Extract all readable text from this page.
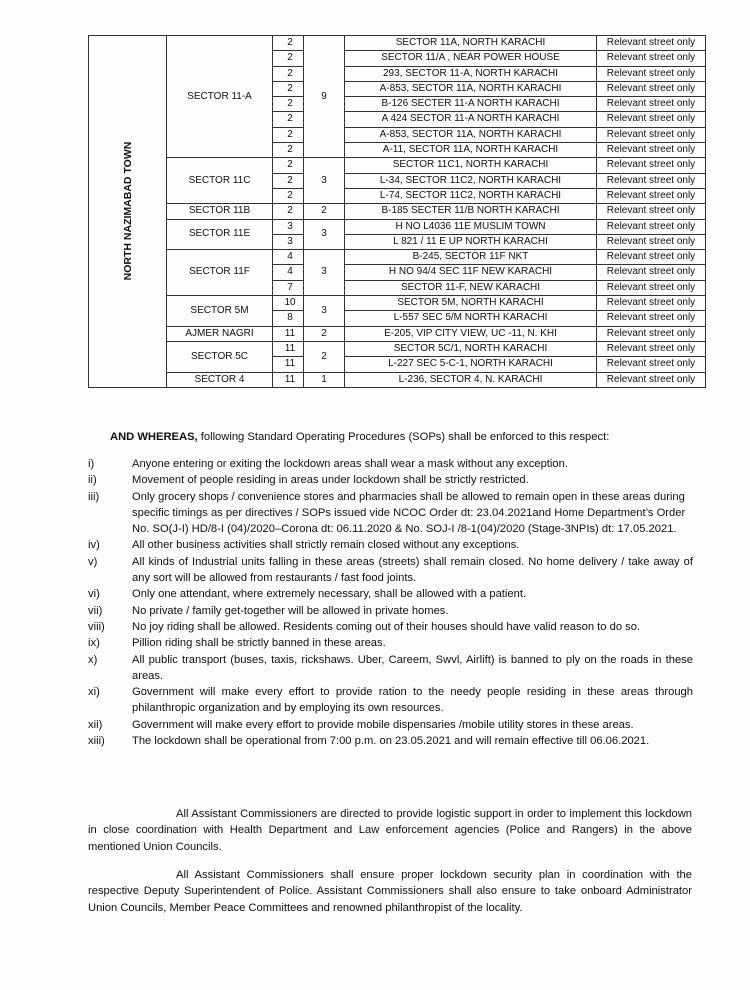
NORTH NAZIMABAD TOWN	SECTOR 11-A	2	9	SECTOR 11A, NORTH KARACHI	Relevant street only
		2		SECTOR 11/A , NEAR POWER HOUSE	Relevant street only
		2		293, SECTOR 11-A, NORTH KARACHI	Relevant street only
		2		A-853, SECTOR 11A, NORTH KARACHI	Relevant street only
		2		B-126 SECTER 11-A NORTH KARACHI	Relevant street only
		2		A 424 SECTOR 11-A NORTH KARACHI	Relevant street only
		2		A-853, SECTOR 11A, NORTH KARACHI	Relevant street only
		2		A-11, SECTOR 11A, NORTH KARACHI	Relevant street only
	SECTOR 11C	2	3	SECTOR 11C1, NORTH KARACHI	Relevant street only
		2		L-34, SECTOR 11C2, NORTH KARACHI	Relevant street only
		2		L-74, SECTOR 11C2, NORTH KARACHI	Relevant street only
	SECTOR 11B	2	2	B-185 SECTER 11/B NORTH KARACHI	Relevant street only
	SECTOR 11E	3	3	H NO L4036 11E MUSLIM TOWN	Relevant street only
		3		L 821 / 11 E UP NORTH KARACHI	Relevant street only
	SECTOR 11F	4	3	B-245, SECTOR 11F NKT	Relevant street only
		4		H NO 94/4 SEC 11F NEW KARACHI	Relevant street only
		7		SECTOR 11-F, NEW KARACHI	Relevant street only
	SECTOR 5M	10	3	SECTOR 5M, NORTH KARACHI	Relevant street only
		8		L-557 SEC 5/M NORTH KARACHI	Relevant street only
	AJMER NAGRI	11	2	E-205, VIP CITY VIEW, UC -11, N. KHI	Relevant street only
	SECTOR 5C	11	2	SECTOR 5C/1, NORTH KARACHI	Relevant street only
		11		L-227 SEC 5-C-1, NORTH KARACHI	Relevant street only
	SECTOR 4	11	1	L-236, SECTOR 4, N. KARACHI	Relevant street only
AND WHEREAS, following Standard Operating Procedures (SOPs) shall be enforced to this respect:
i)	Anyone entering or exiting the lockdown areas shall wear a mask without any exception.
ii)	Movement of people residing in areas under lockdown shall be strictly restricted.
iii)	Only grocery shops / convenience stores and pharmacies shall be allowed to remain open in these areas during specific timings as per directives / SOPs issued vide NCOC Order dt: 23.04.2021and Home Department’s Order No. SO(J-I) HD/8-I (04)/2020–Corona dt: 06.11.2020 & No. SOJ-I /8-1(04)/2020 (Stage-3NPIs) dt: 17.05.2021.
iv)	All other business activities shall strictly remain closed without any exceptions.
v)	All kinds of Industrial units falling in these areas (streets) shall remain closed. No home delivery / take away of any sort will be allowed from restaurants / fast food joints.
vi)	Only one attendant, where extremely necessary, shall be allowed with a patient.
vii)	No private / family get-together will be allowed in private homes.
viii)	No joy riding shall be allowed. Residents coming out of their houses should have valid reason to do so.
ix)	Pillion riding shall be strictly banned in these areas.
x)	All public transport (buses, taxis, rickshaws. Uber, Careem, Swvl, Airlift) is banned to ply on the roads in these areas.
xi)	Government will make every effort to provide ration to the needy people residing in these areas through philanthropic organization and by employing its own resources.
xii)	Government will make every effort to provide mobile dispensaries /mobile utility stores in these areas.
xiii)	The lockdown shall be operational from 7:00 p.m. on 23.05.2021 and will remain effective till 06.06.2021.

All Assistant Commissioners are directed to provide logistic support in order to implement this lockdown in close coordination with Health Department and Law enforcement agencies (Police and Rangers) in the above mentioned Union Councils.

All Assistant Commissioners shall ensure proper lockdown security plan in coordination with the respective Deputy Superintendent of Police. Assistant Commissioners shall also ensure to take onboard Administrator Union Councils, Member Peace Committees and renowned philanthropist of the locality.
